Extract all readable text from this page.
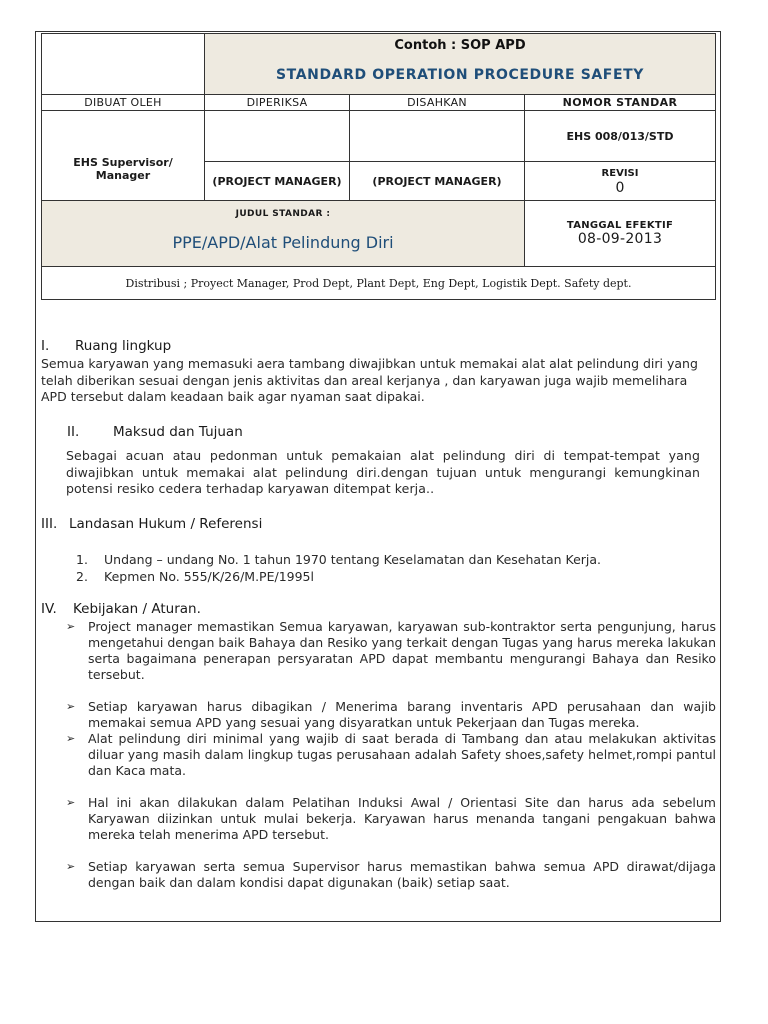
	Contoh : SOP APD
STANDARD OPERATION PROCEDURE SAFETY		

DIBUAT OLEH	DIPERIKSA	DISAHKAN	NOMOR STANDAR
EHS Supervisor/
Manager			EHS 008/013/STD
	(PROJECT MANAGER)	(PROJECT MANAGER)	REVISI
0

JUDUL STANDAR :
PPE/APD/Alat Pelindung Diri			TANGGAL EFEKTIF
08-09-2013

Distribusi ; Proyect Manager, Prod Dept, Plant Dept, Eng Dept, Logistik Dept. Safety dept.			
I. Ruang lingkup
Semua karyawan yang memasuki aera tambang diwajibkan untuk memakai alat alat pelindung diri yang telah diberikan sesuai dengan jenis aktivitas dan areal kerjanya , dan karyawan juga wajib memelihara APD tersebut dalam keadaan baik agar nyaman saat dipakai.
II. Maksud dan Tujuan
Sebagai acuan atau pedonman untuk pemakaian alat pelindung diri di tempat-tempat yang diwajibkan untuk memakai alat pelindung diri.dengan tujuan untuk mengurangi kemungkinan potensi resiko cedera terhadap karyawan ditempat kerja..
III. Landasan Hukum / Referensi
1. Undang – undang No. 1 tahun 1970 tentang Keselamatan dan Kesehatan Kerja.
2. Kepmen No. 555/K/26/M.PE/1995l
IV. Kebijakan / Aturan.
➢ Project manager memastikan Semua karyawan, karyawan sub-kontraktor serta pengunjung, harus mengetahui dengan baik Bahaya dan Resiko yang terkait dengan Tugas yang harus mereka lakukan serta bagaimana penerapan persyaratan APD dapat membantu mengurangi Bahaya dan Resiko tersebut.
➢ Setiap karyawan harus dibagikan / Menerima barang inventaris APD perusahaan dan wajib memakai semua APD yang sesuai yang disyaratkan untuk Pekerjaan dan Tugas mereka.
➢ Alat pelindung diri minimal yang wajib di saat berada di Tambang dan atau melakukan aktivitas diluar yang masih dalam lingkup tugas perusahaan adalah Safety shoes,safety helmet,rompi pantul dan Kaca mata.
➢ Hal ini akan dilakukan dalam Pelatihan Induksi Awal / Orientasi Site dan harus ada sebelum Karyawan diizinkan untuk mulai bekerja. Karyawan harus menanda tangani pengakuan bahwa mereka telah menerima APD tersebut.
➢ Setiap karyawan serta semua Supervisor harus memastikan bahwa semua APD dirawat/dijaga dengan baik dan dalam kondisi dapat digunakan (baik) setiap saat.
